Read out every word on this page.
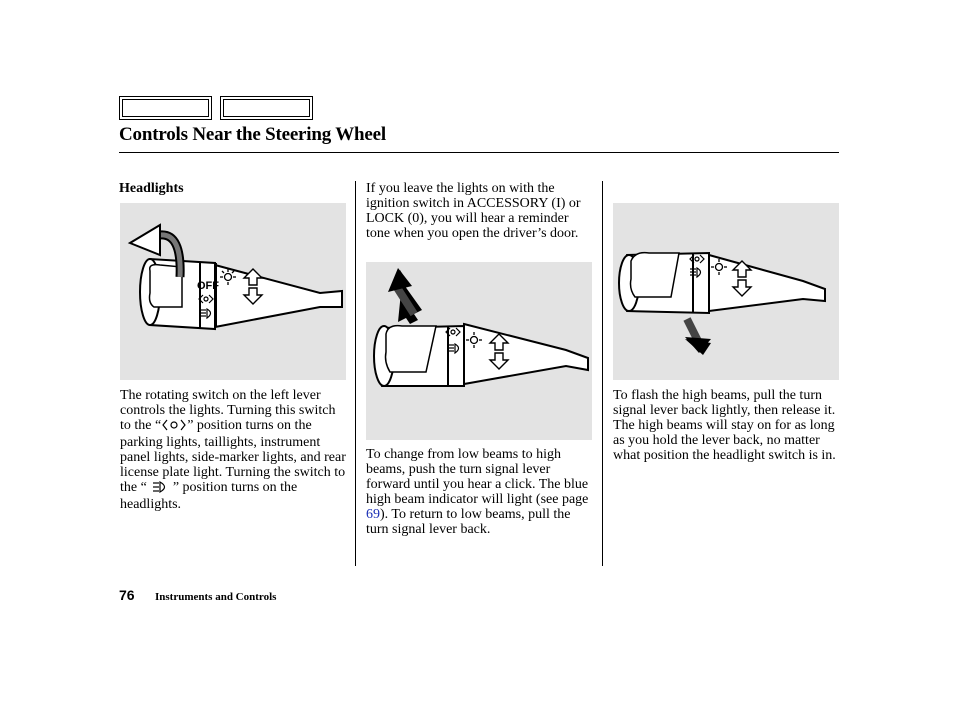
Controls Near the Steering Wheel
Headlights
OFF

The rotating switch on the left lever controls the lights. Turning this switch to the “ ” position turns on the parking lights, taillights, instrument panel lights, side-marker lights, and rear license plate light. Turning the switch to the “ ” position turns on the headlights.

If you leave the lights on with the ignition switch in ACCESSORY (I) or LOCK (0), you will hear a reminder tone when you open the driver’s door.

To change from low beams to high beams, push the turn signal lever forward until you hear a click. The blue high beam indicator will light (see page 69). To return to low beams, pull the turn signal lever back.

To flash the high beams, pull the turn signal lever back lightly, then release it. The high beams will stay on for as long as you hold the lever back, no matter what position the headlight switch is in.

76 Instruments and Controls
